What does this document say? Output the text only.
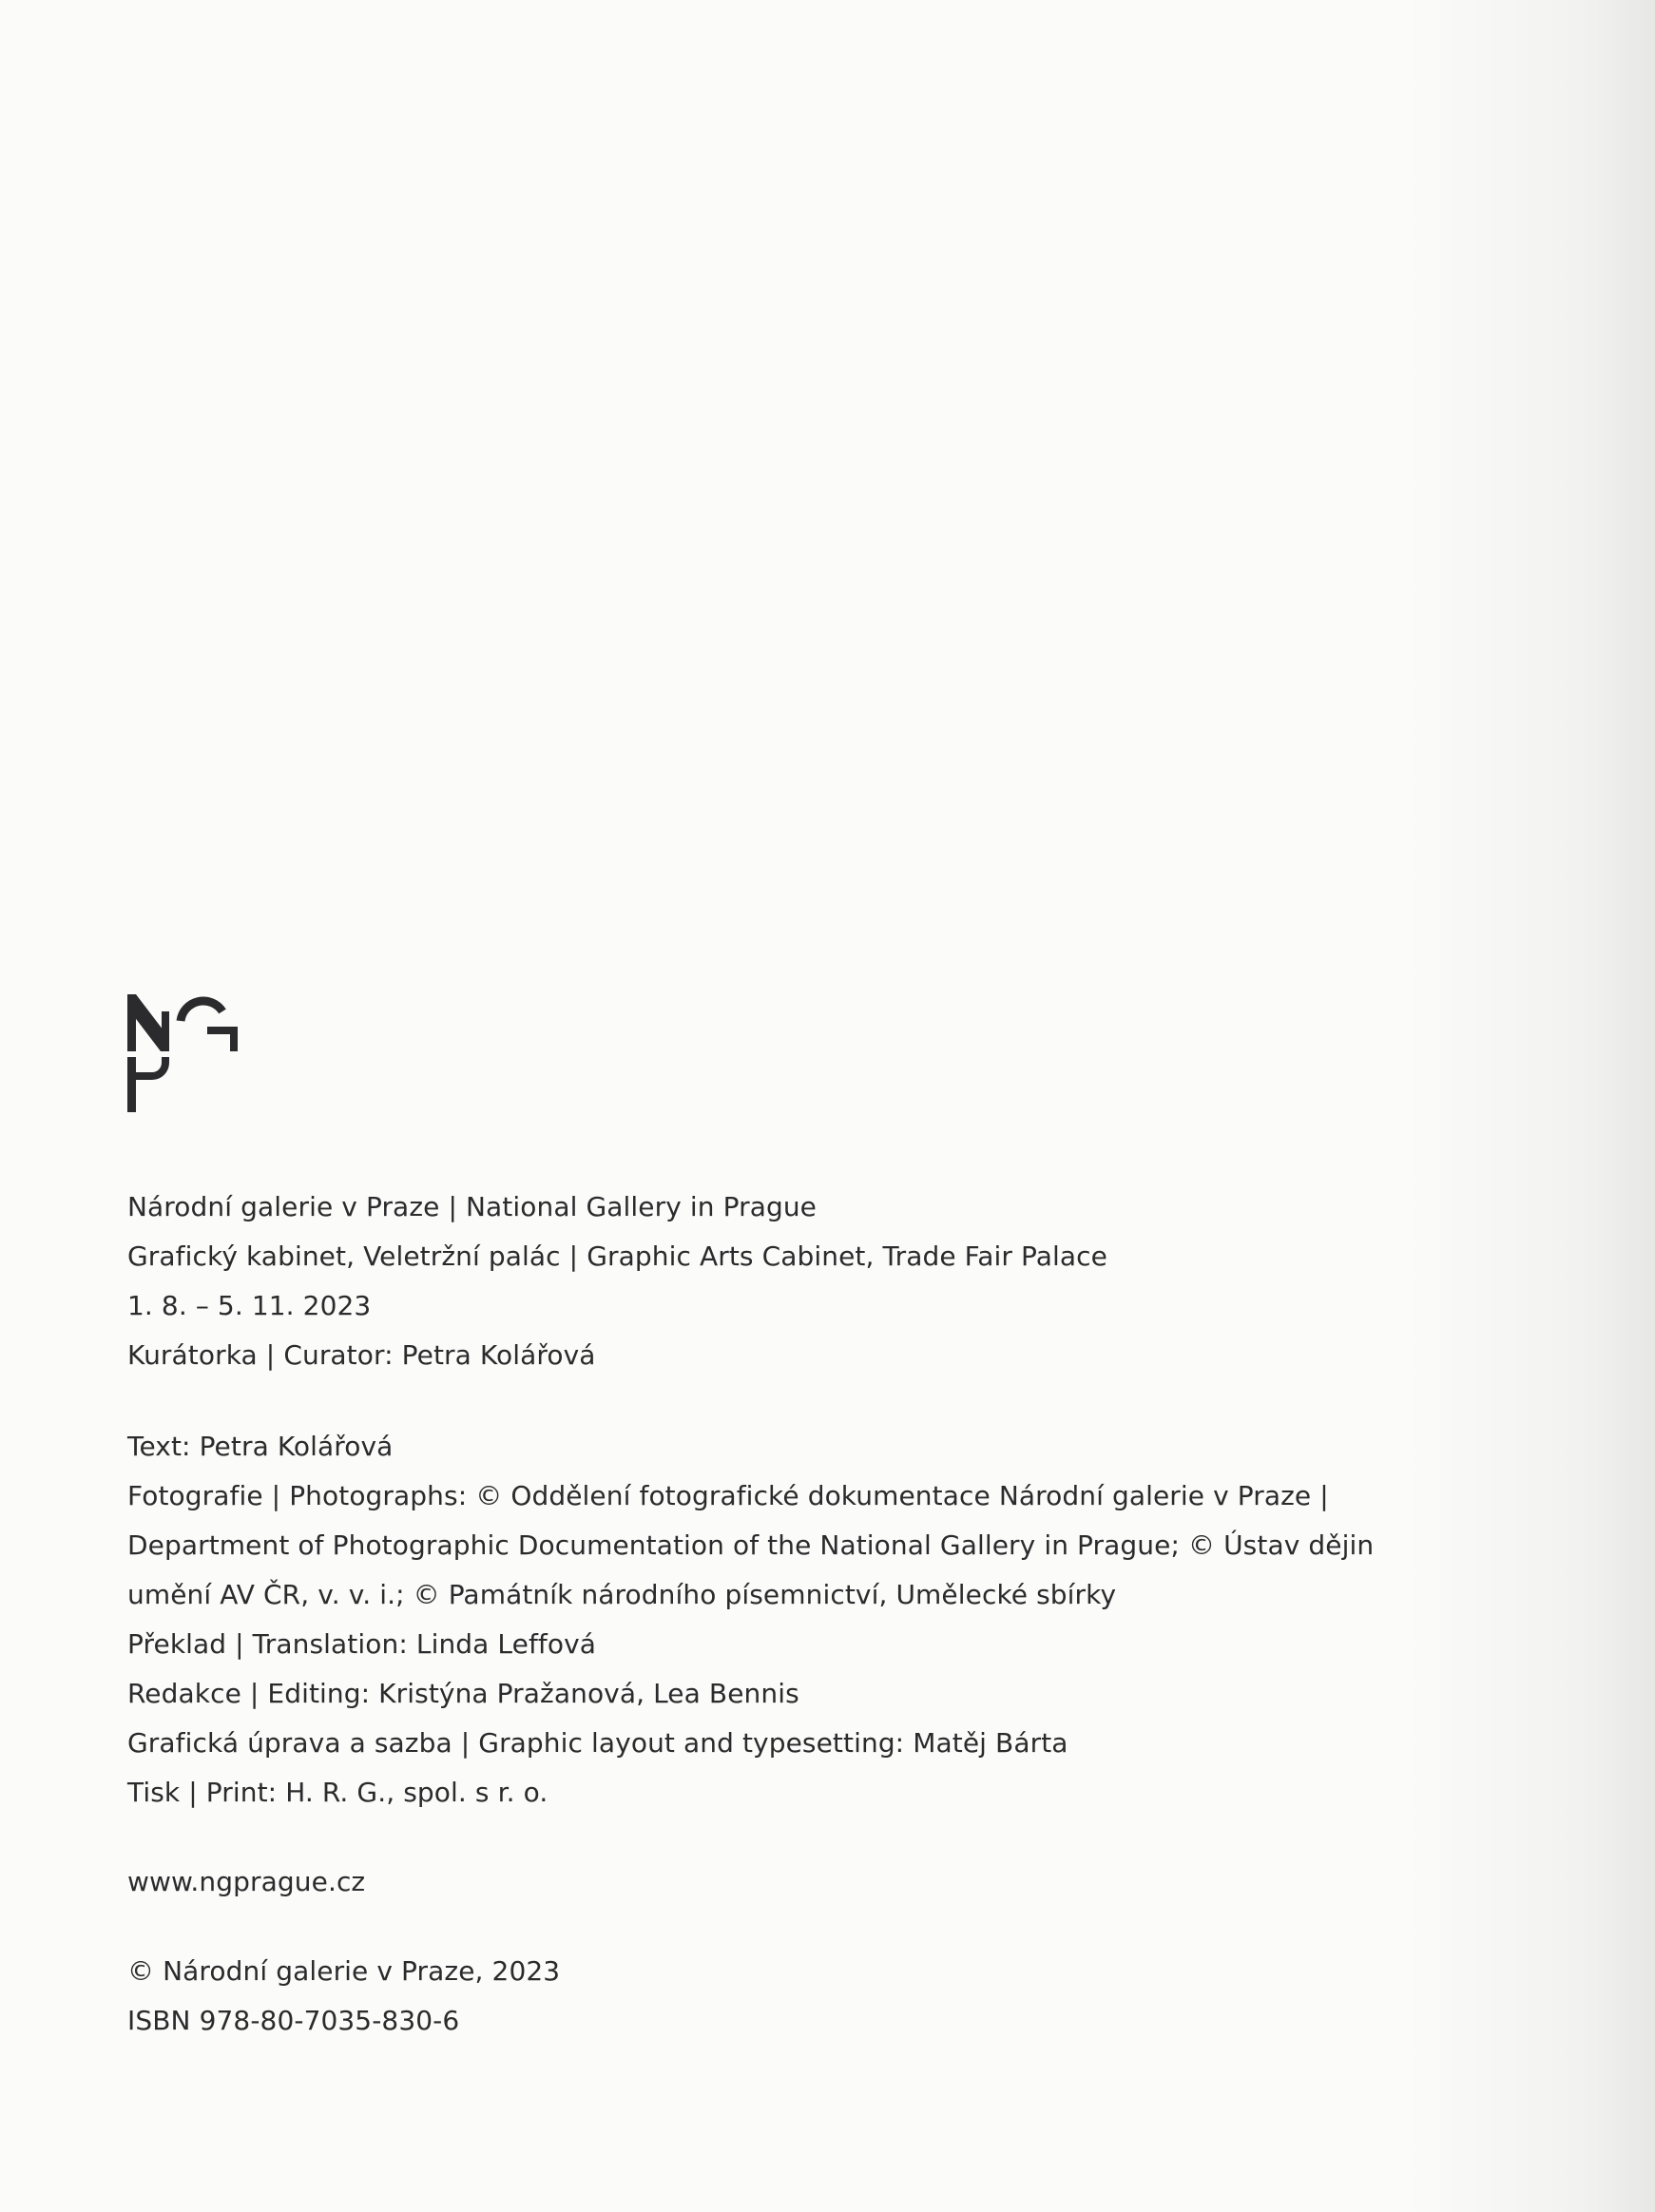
Národní galerie v Praze | National Gallery in Prague
Grafický kabinet, Veletržní palác | Graphic Arts Cabinet, Trade Fair Palace
1. 8. – 5. 11. 2023
Kurátorka | Curator: Petra Kolářová
Text: Petra Kolářová
Fotografie | Photographs: © Oddělení fotografické dokumentace Národní galerie v Praze |
Department of Photographic Documentation of the National Gallery in Prague; © Ústav dějin
umění AV ČR, v. v. i.; © Památník národního písemnictví, Umělecké sbírky
Překlad | Translation: Linda Leffová
Redakce | Editing: Kristýna Pražanová, Lea Bennis
Grafická úprava a sazba | Graphic layout and typesetting: Matěj Bárta
Tisk | Print: H. R. G., spol. s r. o.
www.ngprague.cz
© Národní galerie v Praze, 2023
ISBN 978-80-7035-830-6
